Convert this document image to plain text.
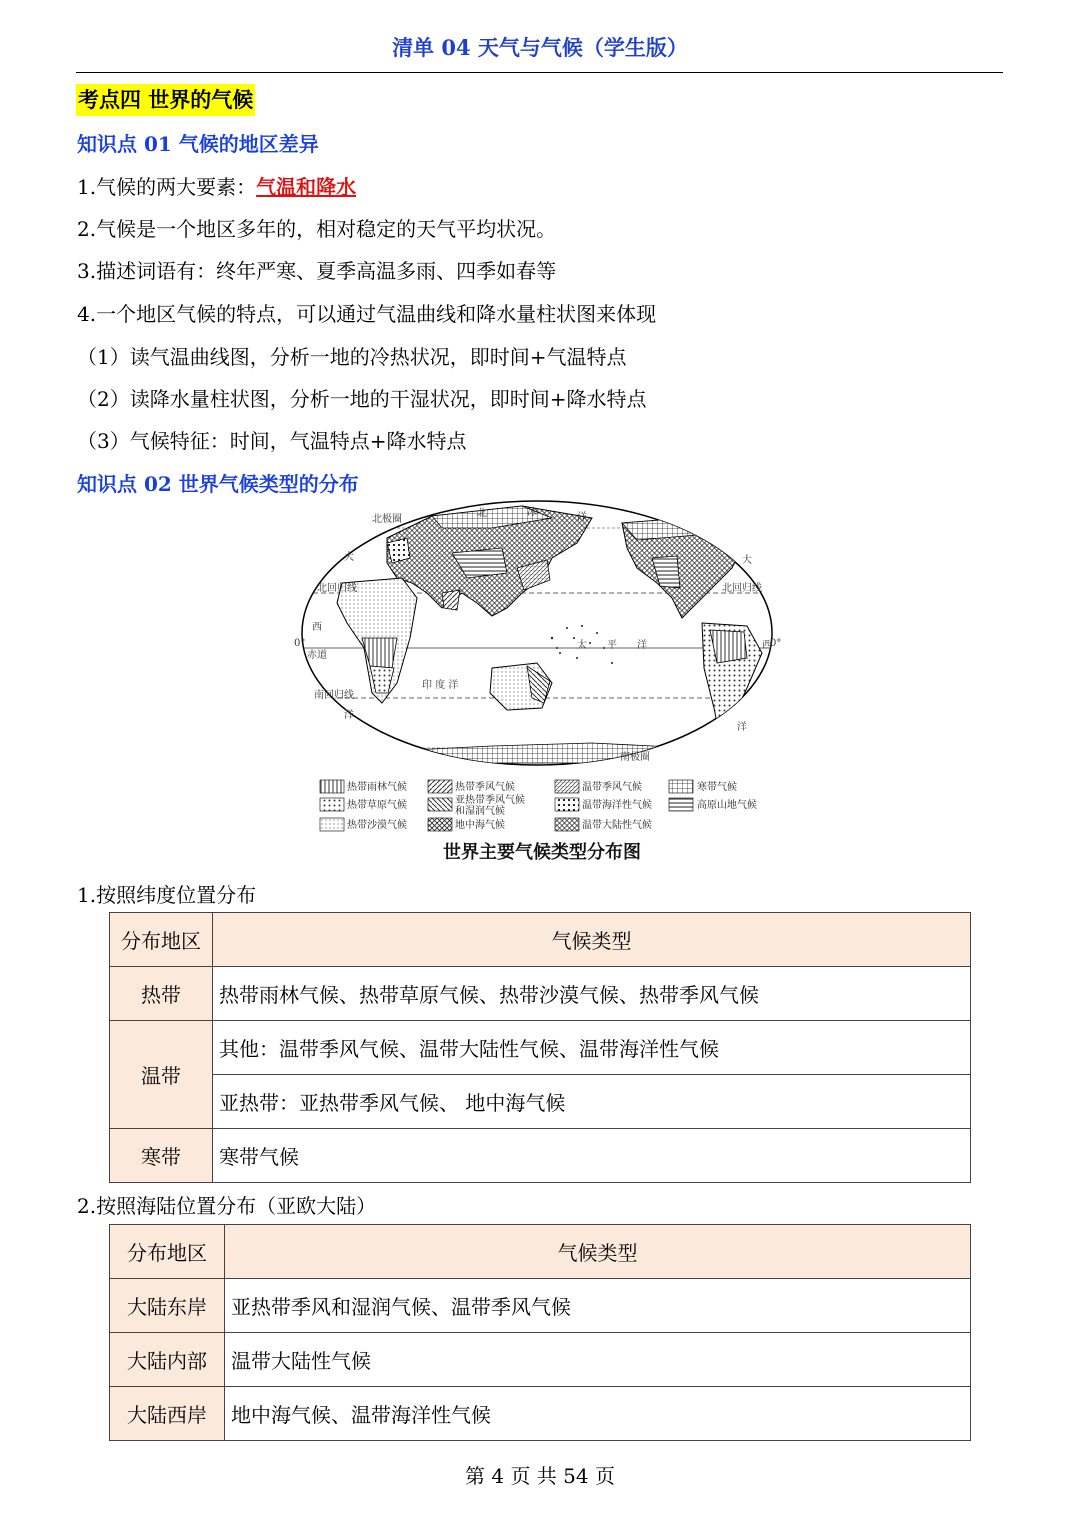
清单 04 天气与气候（学生版）
考点四 世界的气候
知识点 01 气候的地区差异
1.气候的两大要素：气温和降水
2.气候是一个地区多年的，相对稳定的天气平均状况。
3.描述词语有：终年严寒、夏季高温多雨、四季如春等
4.一个地区气候的特点，可以通过气温曲线和降水量柱状图来体现
（1）读气温曲线图，分析一地的冷热状况，即时间+气温特点
（2）读降水量柱状图，分析一地的干湿状况，即时间+降水特点
（3）气候特征：时间，气温特点+降水特点
知识点 02 世界气候类型的分布
北极圈
北	冰	洋
北回归线	北回归线
0°
赤道
0°
南回归线
南极圈
印 度 洋
太 平 洋
大
西
洋
大
西
洋
热带雨林气候	热带季风气候	温带季风气候	寒带气候
热带草原气候	亚热带季风气候
和湿润气候
温带海洋性气候	高原山地气候
热带沙漠气候	地中海气候	温带大陆性气候
世界主要气候类型分布图
1.按照纬度位置分布
分布地区	气候类型
热带	热带雨林气候、热带草原气候、热带沙漠气候、热带季风气候
温带	其他：温带季风气候、温带大陆性气候、温带海洋性气候
	亚热带：亚热带季风气候、 地中海气候
寒带	寒带气候
2.按照海陆位置分布（亚欧大陆）
分布地区	气候类型
大陆东岸	亚热带季风和湿润气候、温带季风气候
大陆内部	温带大陆性气候
大陆西岸	地中海气候、温带海洋性气候
第 4 页 共 54 页
